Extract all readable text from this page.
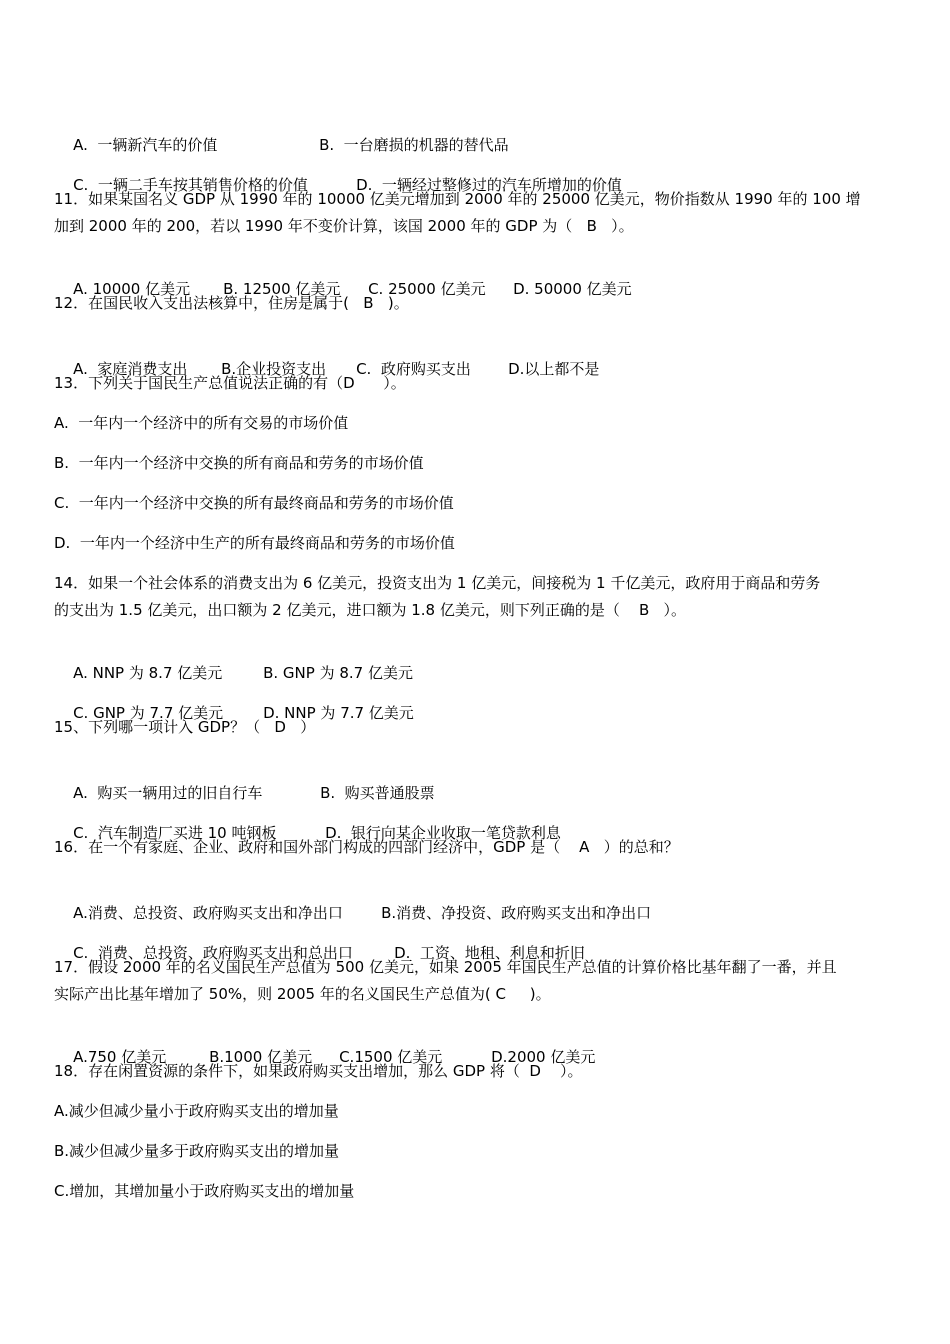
A.  一辆新汽车的价值	B.  一台磨损的机器的替代品

C.  一辆二手车按其销售价格的价值	D.  一辆经过整修过的汽车所增加的价值

11．如果某国名义 GDP 从 1990 年的 10000 亿美元增加到 2000 年的 25000 亿美元，物价指数从 1990 年的 100 增
加到 2000 年的 200，若以 1990 年不变价计算，该国 2000 年的 GDP 为（   B   ）。

A. 10000 亿美元 B. 12500 亿美元 C. 25000 亿美元 D. 50000 亿美元

12．在国民收入支出法核算中，住房是属于(   B   )。

A.  家庭消费支出 B.企业投资支出 C.  政府购买支出 D.以上都不是

13．下列关于国民生产总值说法正确的有（D      ）。
A.  一年内一个经济中的所有交易的市场价值
B.  一年内一个经济中交换的所有商品和劳务的市场价值
C.  一年内一个经济中交换的所有最终商品和劳务的市场价值
D.  一年内一个经济中生产的所有最终商品和劳务的市场价值
14．如果一个社会体系的消费支出为 6 亿美元，投资支出为 1 亿美元，间接税为 1 千亿美元，政府用于商品和劳务
的支出为 1.5 亿美元，出口额为 2 亿美元，进口额为 1.8 亿美元，则下列正确的是（    B   ）。

A. NNP 为 8.7 亿美元	B. GNP 为 8.7 亿美元

C. GNP 为 7.7 亿美元	D. NNP 为 7.7 亿美元

15、下列哪一项计入 GDP？（   D   ）

A.  购买一辆用过的旧自行车	B.  购买普通股票

C.  汽车制造厂买进 10 吨钢板	D.  银行向某企业收取一笔贷款利息

16．在一个有家庭、企业、政府和国外部门构成的四部门经济中，GDP 是（    A   ）的总和？

A.消费、总投资、政府购买支出和净出口	B.消费、净投资、政府购买支出和净出口

C.  消费、总投资、政府购买支出和总出口	D.  工资、地租、利息和折旧

17．假设 2000 年的名义国民生产总值为 500 亿美元，如果 2005 年国民生产总值的计算价格比基年翻了一番，并且
实际产出比基年增加了 50%，则 2005 年的名义国民生产总值为( C     )。

A.750 亿美元	B.1000 亿美元 C.1500 亿美元	D.2000 亿美元

18．存在闲置资源的条件下，如果政府购买支出增加，那么 GDP 将（  D    ）。
A.减少但减少量小于政府购买支出的增加量
B.减少但减少量多于政府购买支出的增加量
C.增加，其增加量小于政府购买支出的增加量
